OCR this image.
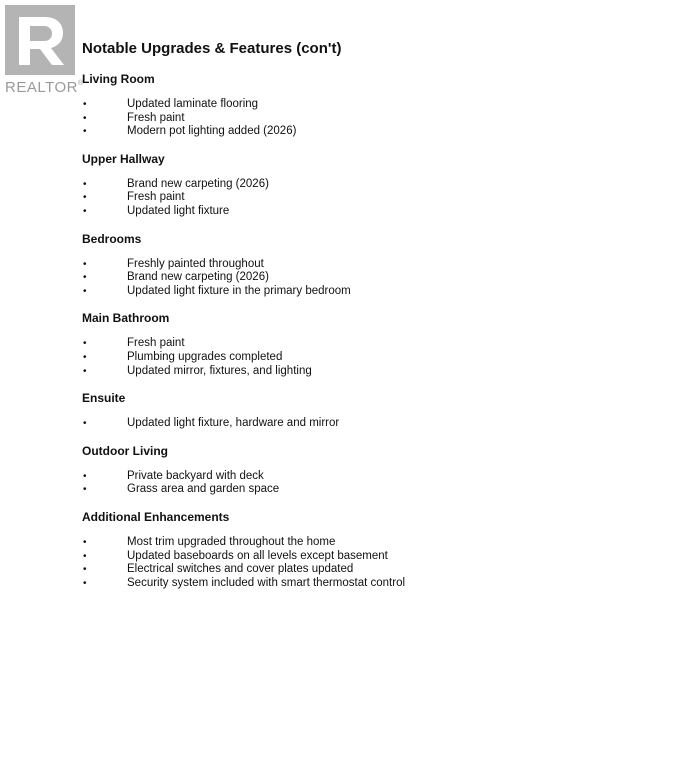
REALTOR®
Notable Upgrades & Features (con't)
Living Room
•	Updated laminate flooring
•	Fresh paint
•	Modern pot lighting added (2026)
Upper Hallway
•	Brand new carpeting (2026)
•	Fresh paint
•	Updated light fixture
Bedrooms
•	Freshly painted throughout
•	Brand new carpeting (2026)
•	Updated light fixture in the primary bedroom
Main Bathroom
•	Fresh paint
•	Plumbing upgrades completed
•	Updated mirror, fixtures, and lighting
Ensuite
•	Updated light fixture, hardware and mirror
Outdoor Living
•	Private backyard with deck
•	Grass area and garden space
Additional Enhancements
•	Most trim upgraded throughout the home
•	Updated baseboards on all levels except basement
•	Electrical switches and cover plates updated
•	Security system included with smart thermostat control
